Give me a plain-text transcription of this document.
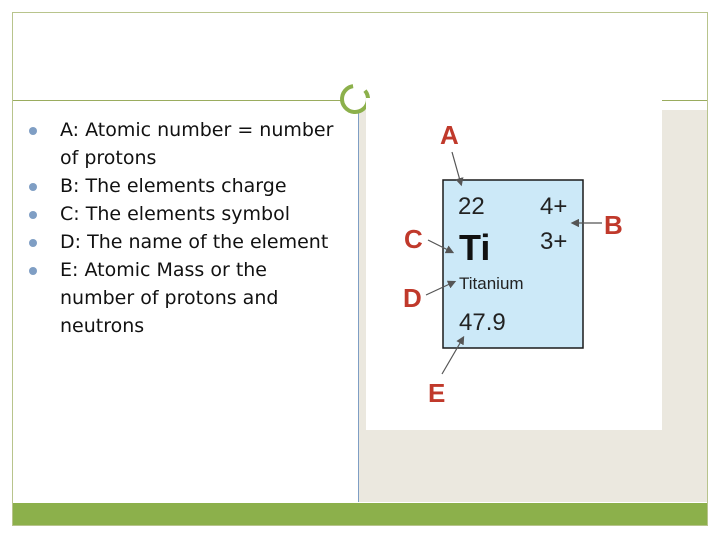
A: Atomic number = number of protons
B: The elements charge
C: The elements symbol
D: The name of the element
E: Atomic Mass or the number of protons and neutrons
22 4+
3+
Ti
Titanium
47.9
A
B
C
D
E
